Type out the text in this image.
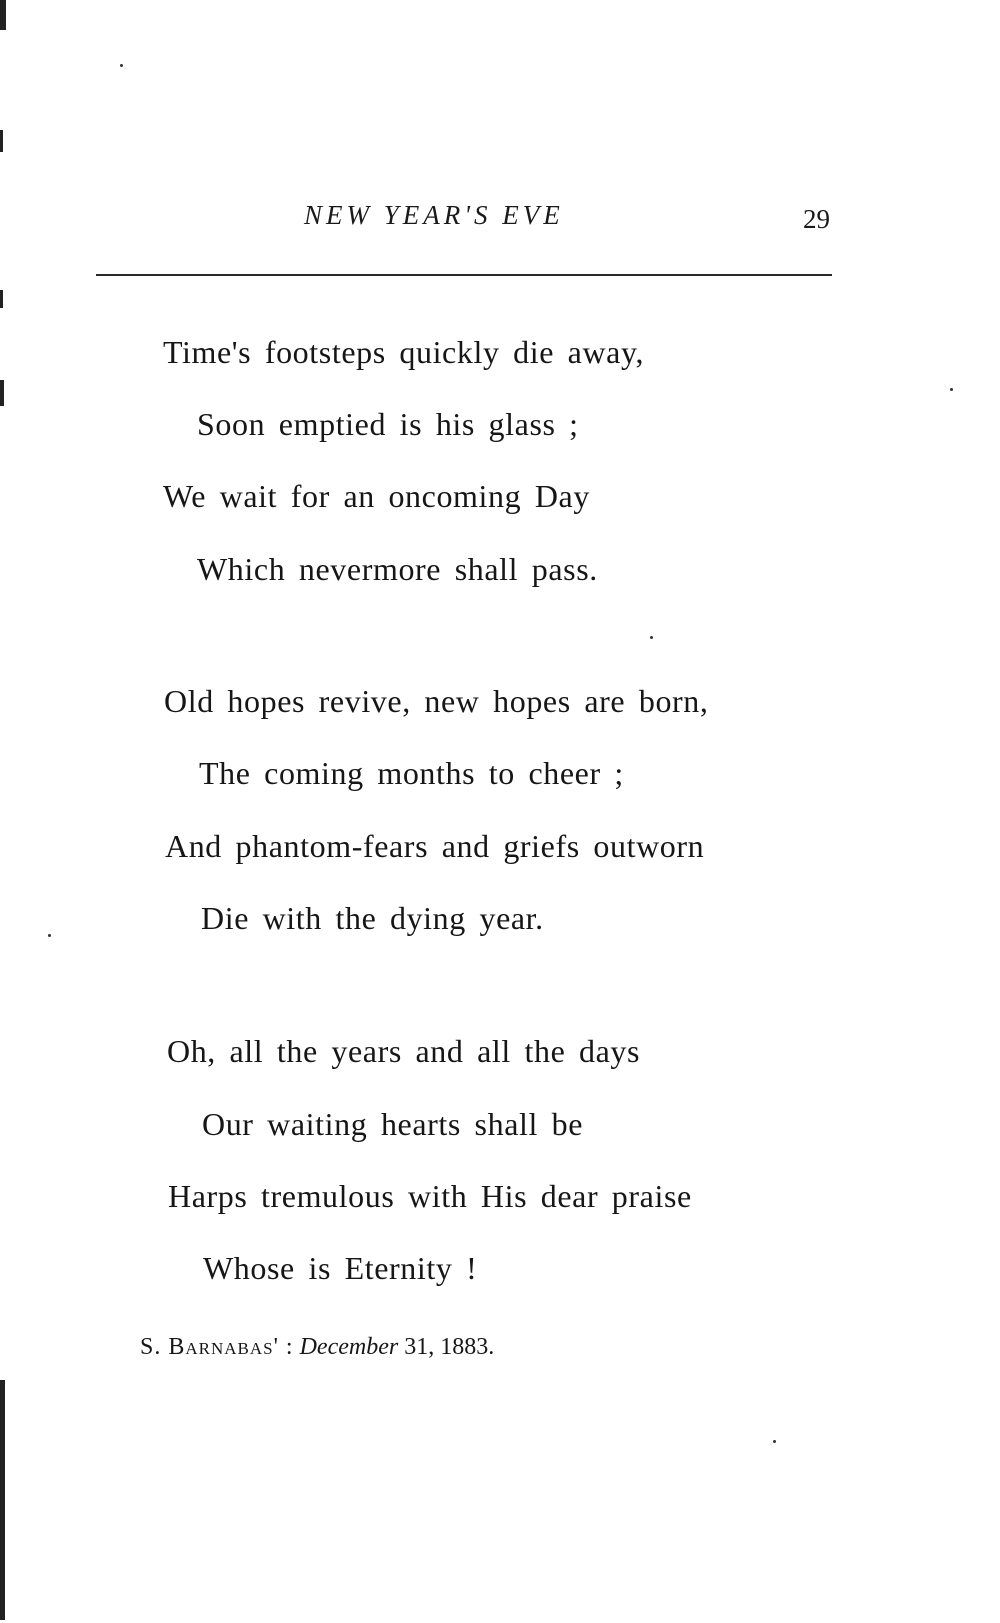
NEW YEAR'S EVE	29
Time's footsteps quickly die away,
Soon emptied is his glass ;
We wait for an oncoming Day
Which nevermore shall pass.
Old hopes revive, new hopes are born,
The coming months to cheer ;
And phantom-fears and griefs outworn
Die with the dying year.
Oh, all the years and all the days
Our waiting hearts shall be
Harps tremulous with His dear praise
Whose is Eternity !
S. Barnabas' : December 31, 1883.
